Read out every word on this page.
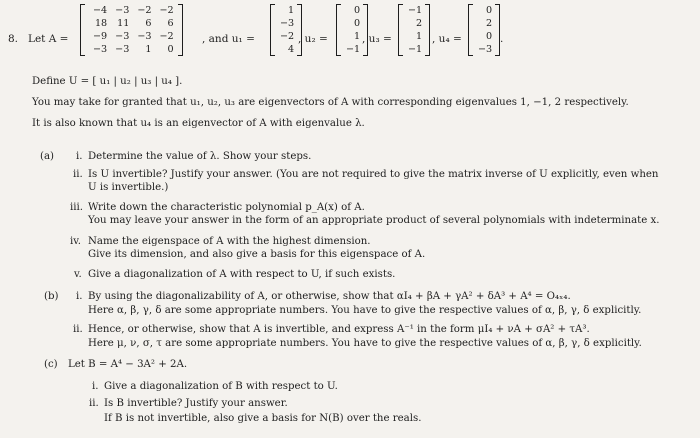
8. Let A =
−4 −3 −2 −2
18	11	6	6
−9 −3 −3 −2
−3 −3	1	0
, and u₁ =
1
−3
−2
4
, u₂ =
0
0
1
−1
, u₃ =
−1
2
1
−1
, u₄ =
0
2
0
−3
.
Define U = [ u₁ | u₂ | u₃ | u₄ ].
You may take for granted that u₁, u₂, u₃ are eigenvectors of A with corresponding eigenvalues 1, −1, 2 respectively.
It is also known that u₄ is an eigenvector of A with eigenvalue λ.
(a) i. Determine the value of λ. Show your steps.
ii. Is U invertible? Justify your answer. (You are not required to give the matrix inverse of U explicitly, even when
U is invertible.)
iii. Write down the characteristic polynomial p_A(x) of A.
You may leave your answer in the form of an appropriate product of several polynomials with indeterminate x.
iv. Name the eigenspace of A with the highest dimension.
Give its dimension, and also give a basis for this eigenspace of A.
v. Give a diagonalization of A with respect to U, if such exists.
(b) i. By using the diagonalizability of A, or otherwise, show that αI₄ + βA + γA² + δA³ + A⁴ = O₄ₓ₄.
Here α, β, γ, δ are some appropriate numbers. You have to give the respective values of α, β, γ, δ explicitly.
ii. Hence, or otherwise, show that A is invertible, and express A⁻¹ in the form μI₄ + νA + σA² + τA³.
Here μ, ν, σ, τ are some appropriate numbers. You have to give the respective values of α, β, γ, δ explicitly.
(c) Let B = A⁴ − 3A² + 2A.
i. Give a diagonalization of B with respect to U.
ii. Is B invertible? Justify your answer.
If B is not invertible, also give a basis for N(B) over the reals.
